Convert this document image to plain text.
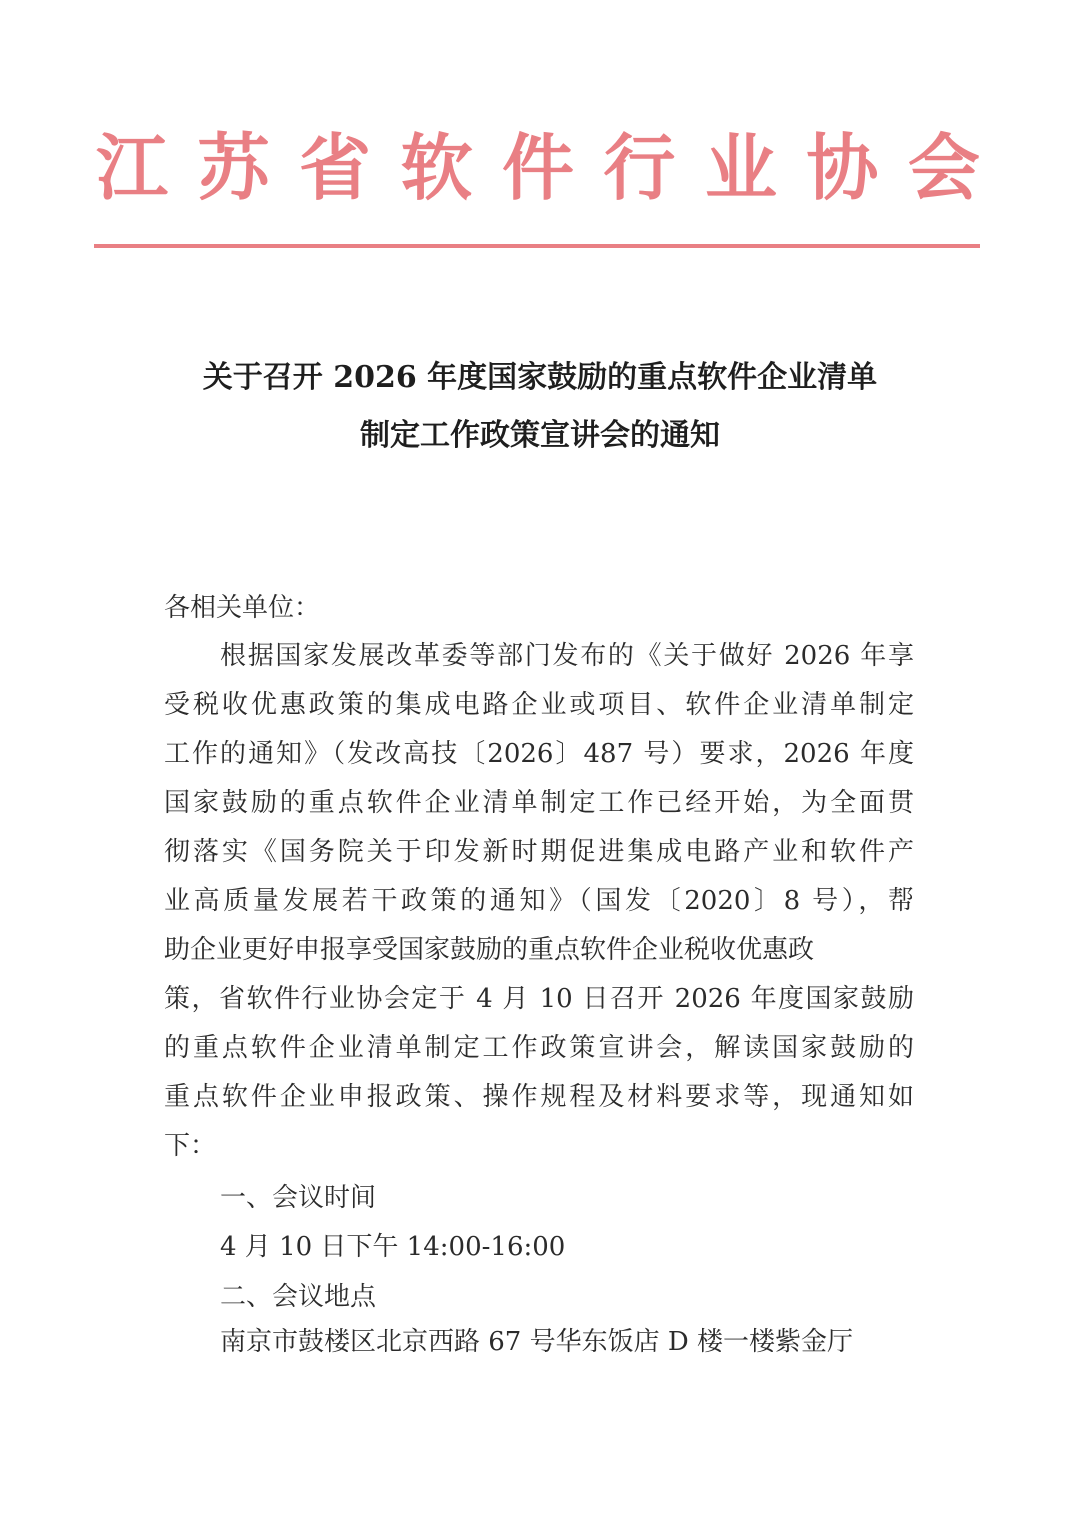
江 苏 省 软 件 行 业 协 会
关于召开 2026 年度国家鼓励的重点软件企业清单
制定工作政策宣讲会的通知
各相关单位：
根据国家发展改革委等部门发布的《关于做好 2026 年享
受税收优惠政策的集成电路企业或项目、软件企业清单制定
工作的通知》（发改高技〔2026〕487 号）要求，2026 年度
国家鼓励的重点软件企业清单制定工作已经开始，为全面贯
彻落实《国务院关于印发新时期促进集成电路产业和软件产
业高质量发展若干政策的通知》（国发〔2020〕8 号），帮
助企业更好申报享受国家鼓励的重点软件企业税收优惠政
策，省软件行业协会定于 4 月 10 日召开 2026 年度国家鼓励
的重点软件企业清单制定工作政策宣讲会，解读国家鼓励的
重点软件企业申报政策、操作规程及材料要求等，现通知如
下：
一、会议时间
4 月 10 日下午 14:00-16:00
二、会议地点
南京市鼓楼区北京西路 67 号华东饭店 D 楼一楼紫金厅
